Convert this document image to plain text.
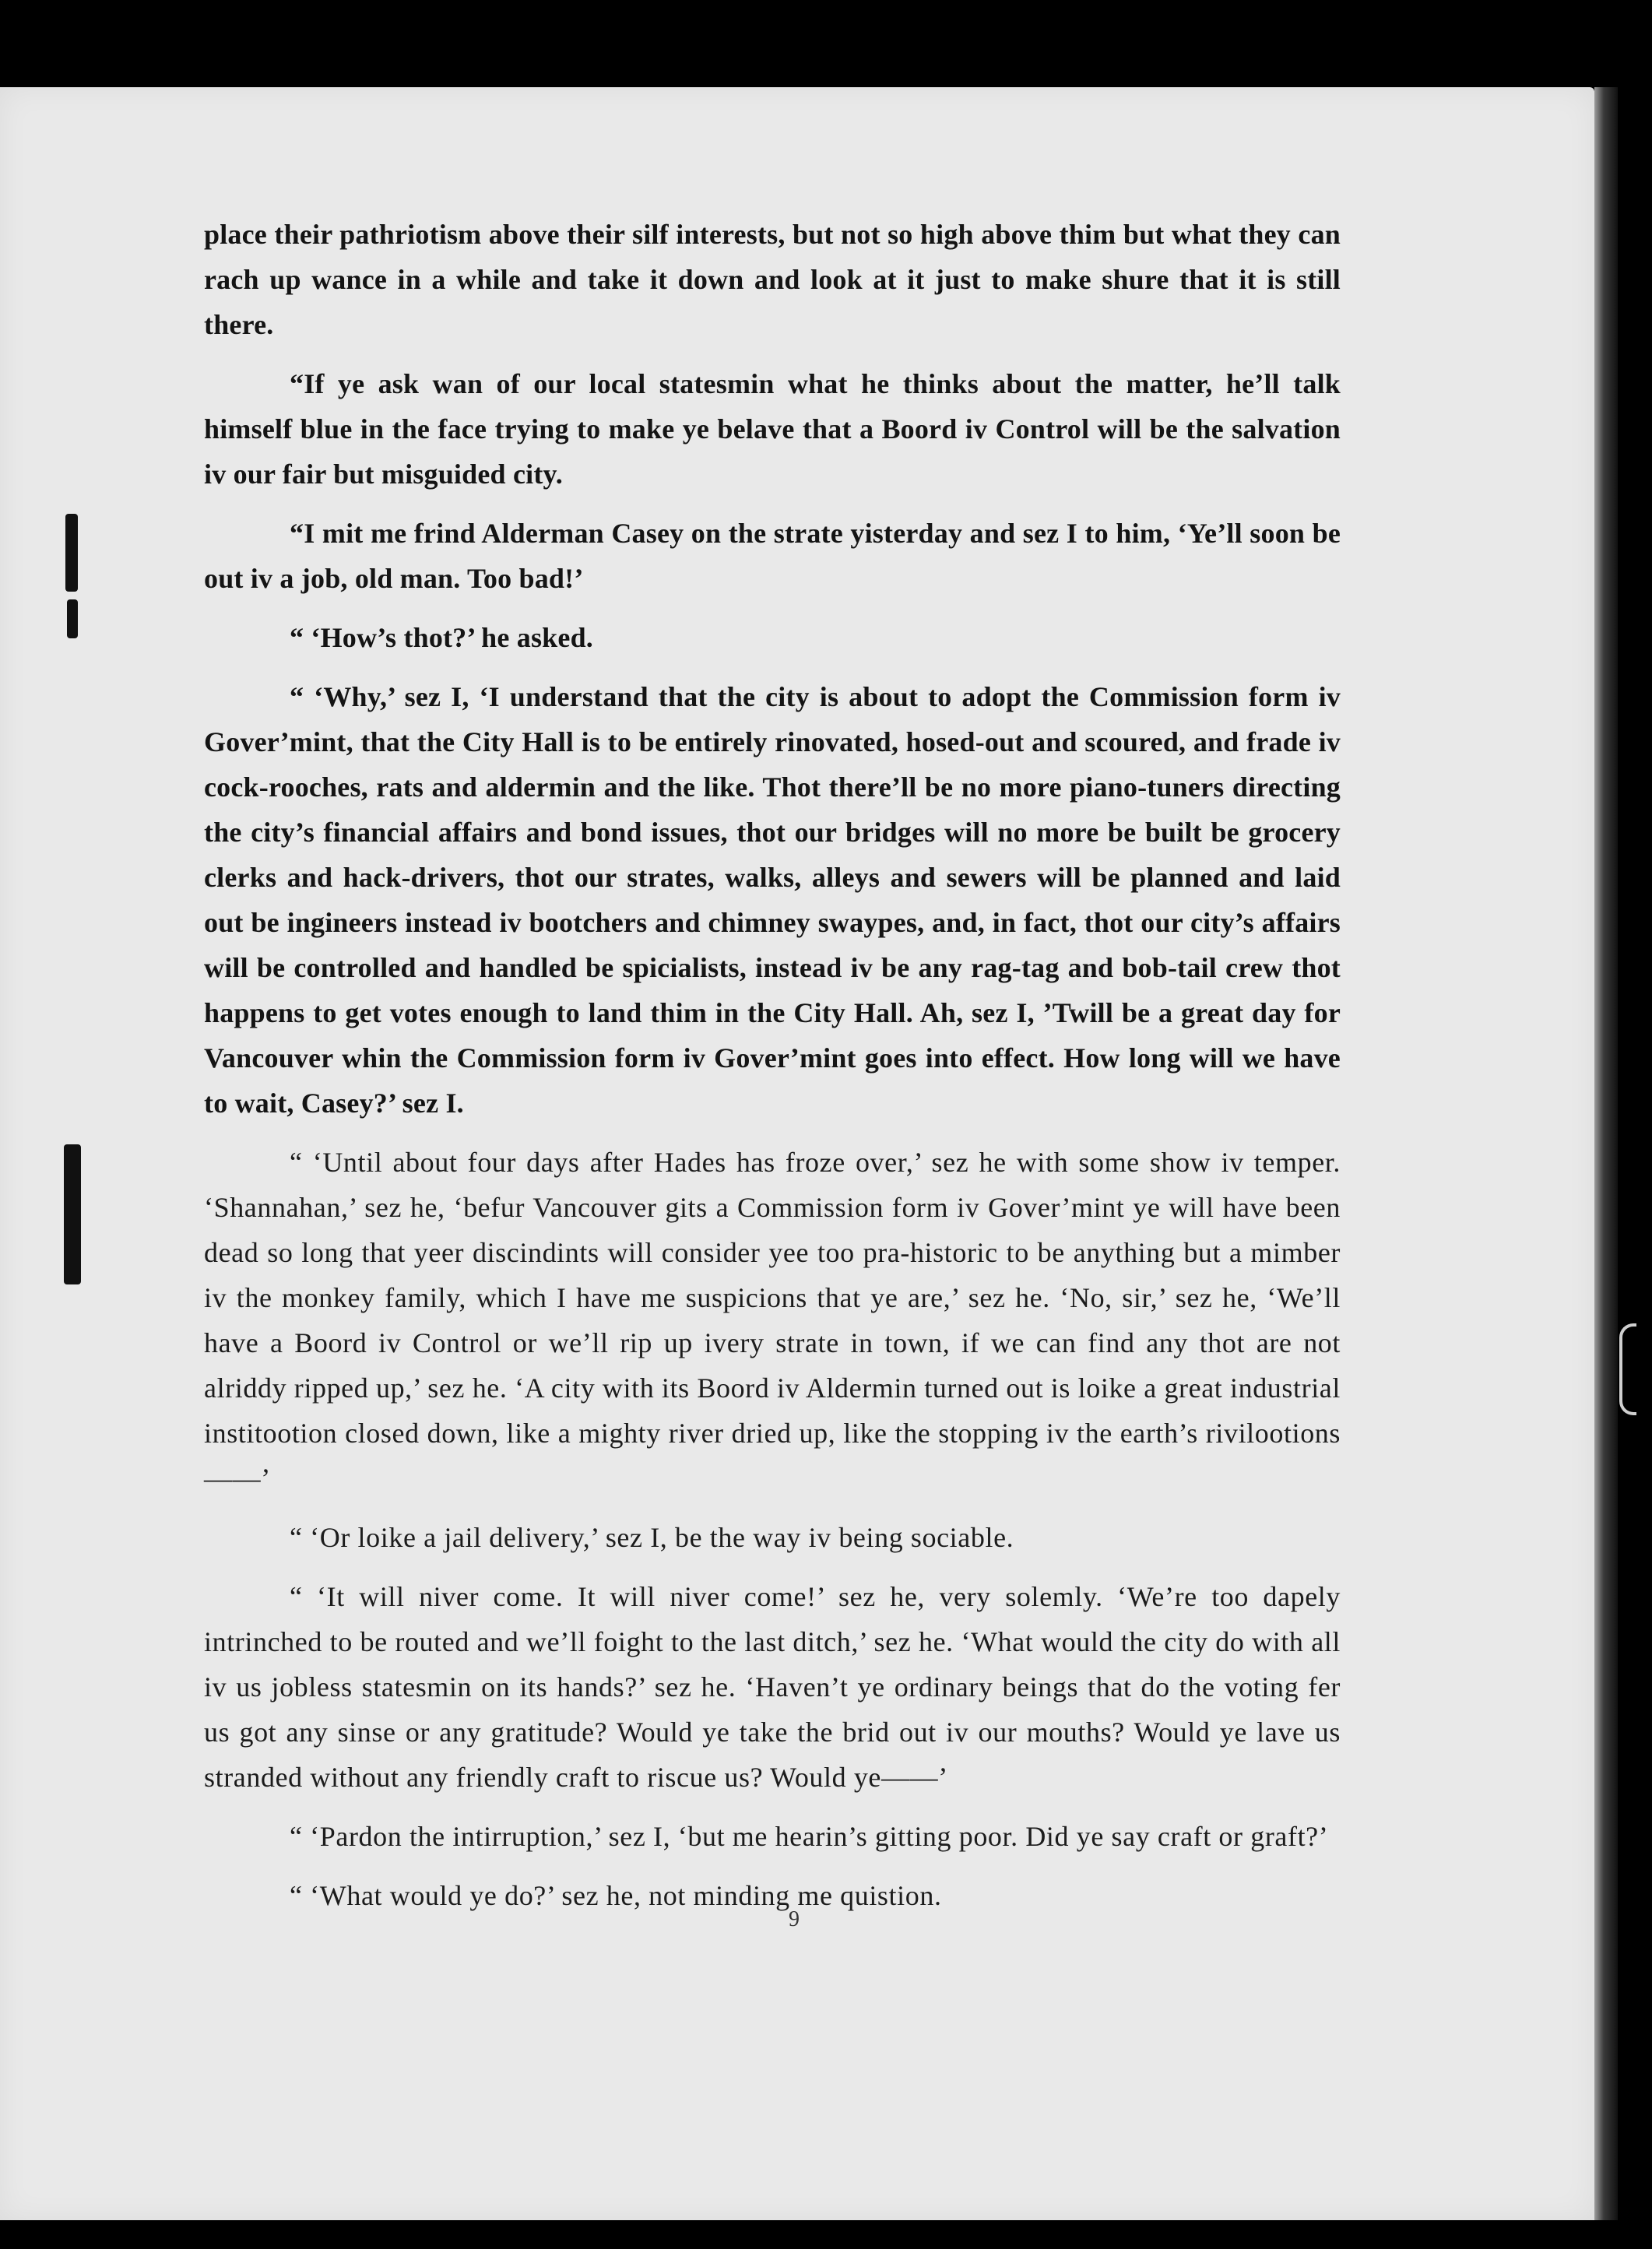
place their pathriotism above their silf interests, but not so high above thim but what they can rach up wance in a while and take it down and look at it just to make shure that it is still there.

“If ye ask wan of our local statesmin what he thinks about the matter, he’ll talk himself blue in the face trying to make ye belave that a Boord iv Control will be the salvation iv our fair but misguided city.

“I mit me frind Alderman Casey on the strate yisterday and sez I to him, ‘Ye’ll soon be out iv a job, old man. Too bad!’

“ ‘How’s thot?’ he asked.

“ ‘Why,’ sez I, ‘I understand that the city is about to adopt the Commission form iv Gover’mint, that the City Hall is to be entirely rinovated, hosed-out and scoured, and frade iv cock-rooches, rats and aldermin and the like. Thot there’ll be no more piano-tuners directing the city’s financial affairs and bond issues, thot our bridges will no more be built be grocery clerks and hack-drivers, thot our strates, walks, alleys and sewers will be planned and laid out be ingineers instead iv bootchers and chimney swaypes, and, in fact, thot our city’s affairs will be controlled and handled be spicialists, instead iv be any rag-tag and bob-tail crew thot happens to get votes enough to land thim in the City Hall. Ah, sez I, ’Twill be a great day for Vancouver whin the Commission form iv Gover’mint goes into effect. How long will we have to wait, Casey?’ sez I.

“ ‘Until about four days after Hades has froze over,’ sez he with some show iv temper. ‘Shannahan,’ sez he, ‘befur Vancouver gits a Commission form iv Gover’mint ye will have been dead so long that yeer discindints will consider yee too pra-historic to be anything but a mimber iv the monkey family, which I have me suspicions that ye are,’ sez he. ‘No, sir,’ sez he, ‘We’ll have a Boord iv Control or we’ll rip up ivery strate in town, if we can find any thot are not alriddy ripped up,’ sez he. ‘A city with its Boord iv Aldermin turned out is loike a great industrial institootion closed down, like a mighty river dried up, like the stopping iv the earth’s rivilootions——’

“ ‘Or loike a jail delivery,’ sez I, be the way iv being sociable.

“ ‘It will niver come. It will niver come!’ sez he, very solemly. ‘We’re too dapely intrinched to be routed and we’ll foight to the last ditch,’ sez he. ‘What would the city do with all iv us jobless statesmin on its hands?’ sez he. ‘Haven’t ye ordinary beings that do the voting fer us got any sinse or any gratitude? Would ye take the brid out iv our mouths? Would ye lave us stranded without any friendly craft to riscue us? Would ye——’

“ ‘Pardon the intirruption,’ sez I, ‘but me hearin’s gitting poor. Did ye say craft or graft?’

“ ‘What would ye do?’ sez he, not minding me quistion.

9
